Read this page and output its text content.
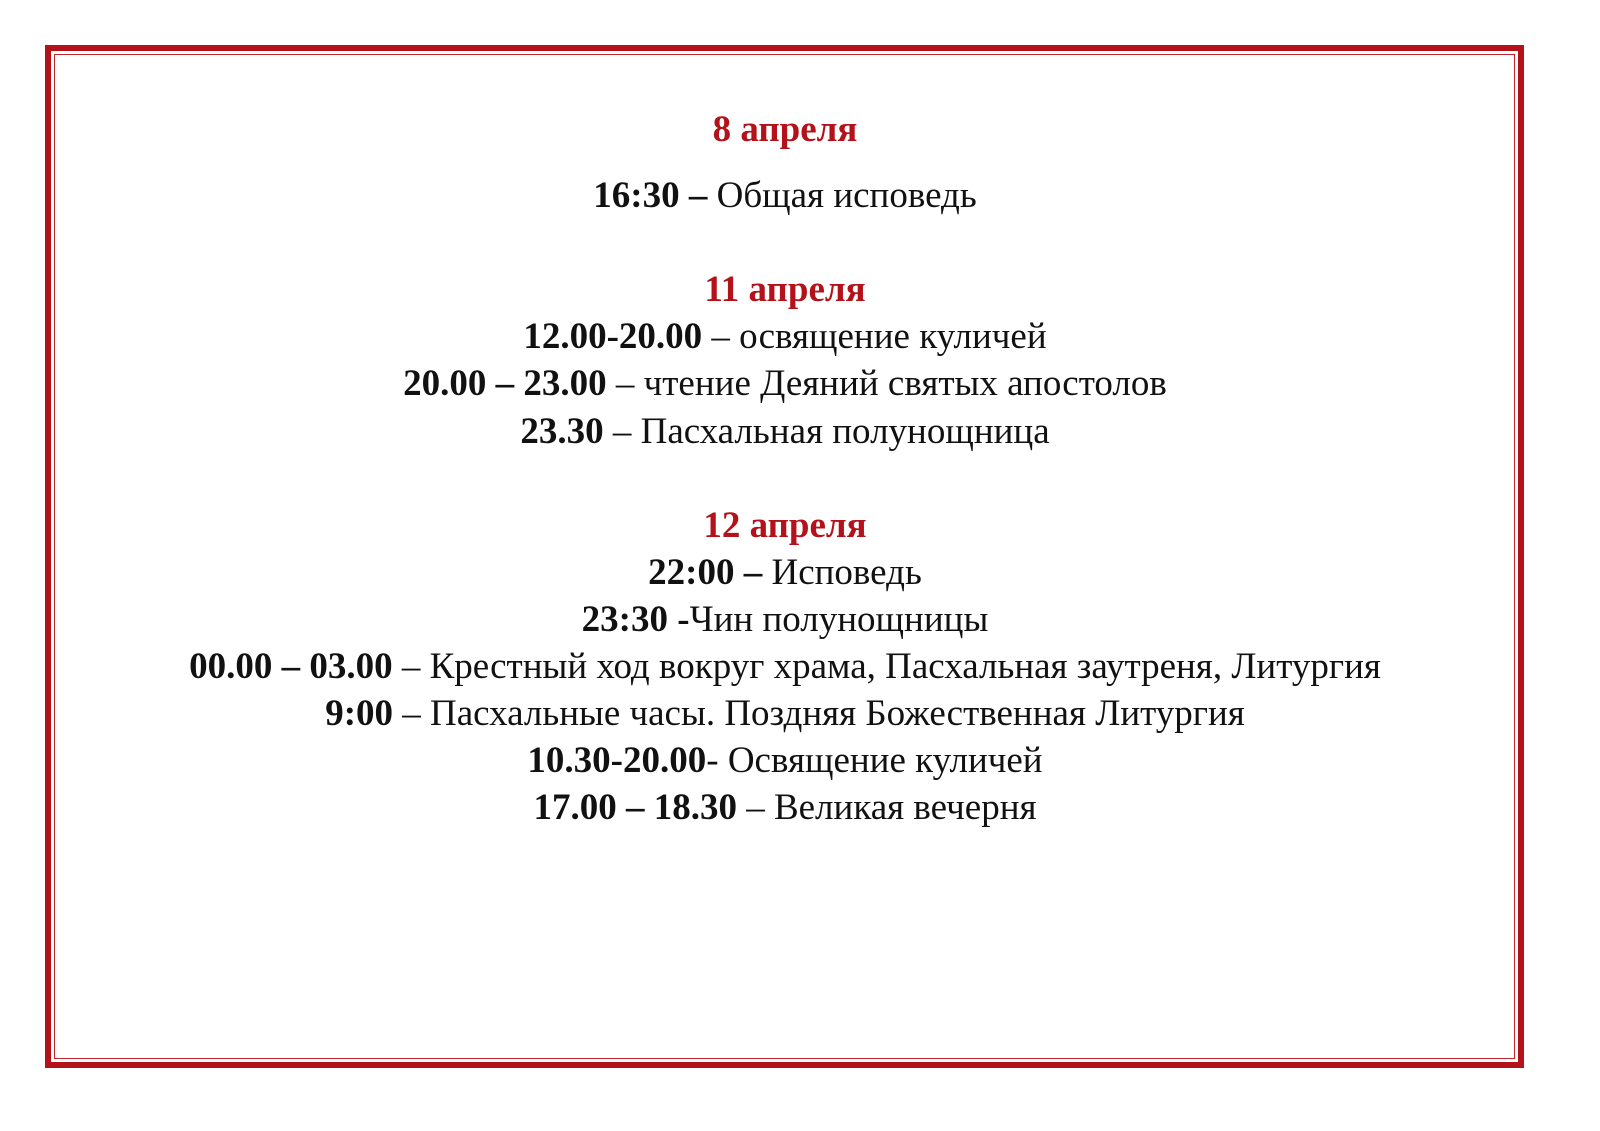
8 апреля
16:30 – Общая исповедь
11 апреля
12.00-20.00 – освящение куличей
20.00 – 23.00 – чтение Деяний святых апостолов
23.30 – Пасхальная полунощница
12 апреля
22:00 – Исповедь
23:30 -Чин полунощницы
00.00 – 03.00 – Крестный ход вокруг храма, Пасхальная заутреня, Литургия
9:00 – Пасхальные часы. Поздняя Божественная Литургия
10.30-20.00- Освящение куличей
17.00 – 18.30 – Великая вечерня
